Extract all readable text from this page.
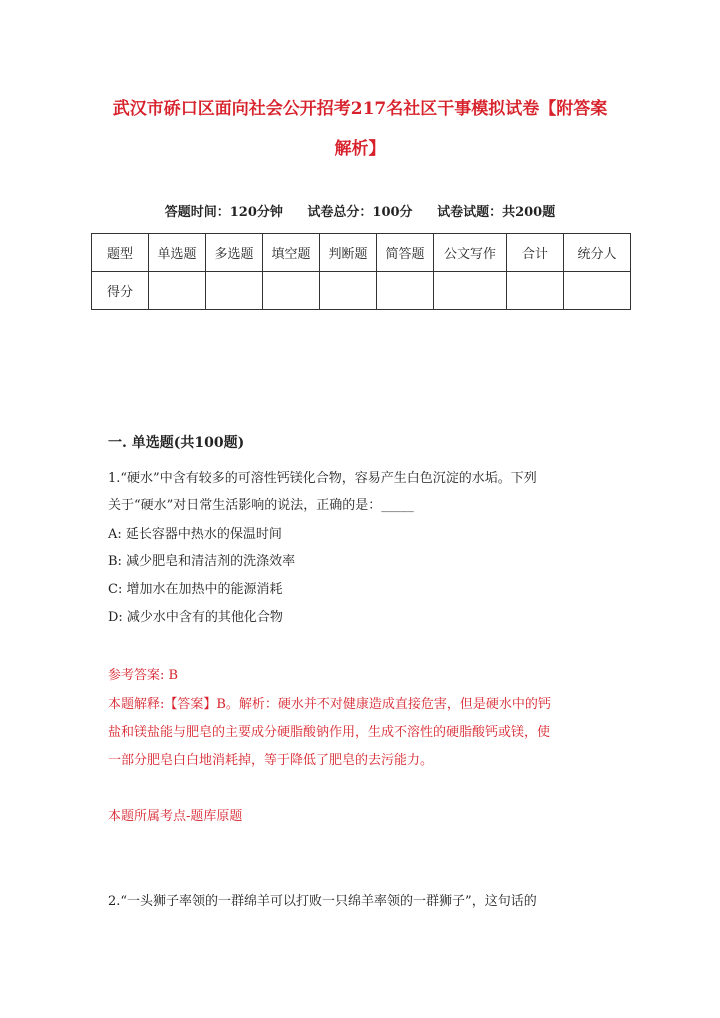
武汉市硚口区面向社会公开招考217名社区干事模拟试卷【附答案
解析】
答题时间：120分钟 试卷总分：100分 试卷试题：共200题
题型	单选题	多选题	填空题	判断题	简答题	公文写作	合计	统分人
得分								
一. 单选题(共100题)
1.“硬水”中含有较多的可溶性钙镁化合物，容易产生白色沉淀的水垢。下列
关于“硬水”对日常生活影响的说法，正确的是：_____
A: 延长容器中热水的保温时间
B: 减少肥皂和清洁剂的洗涤效率
C: 增加水在加热中的能源消耗
D: 减少水中含有的其他化合物
参考答案: B
本题解释:【答案】B。解析：硬水并不对健康造成直接危害，但是硬水中的钙
盐和镁盐能与肥皂的主要成分硬脂酸钠作用，生成不溶性的硬脂酸钙或镁，使
一部分肥皂白白地消耗掉，等于降低了肥皂的去污能力。
本题所属考点-题库原题
2.“一头狮子率领的一群绵羊可以打败一只绵羊率领的一群狮子”，这句话的
